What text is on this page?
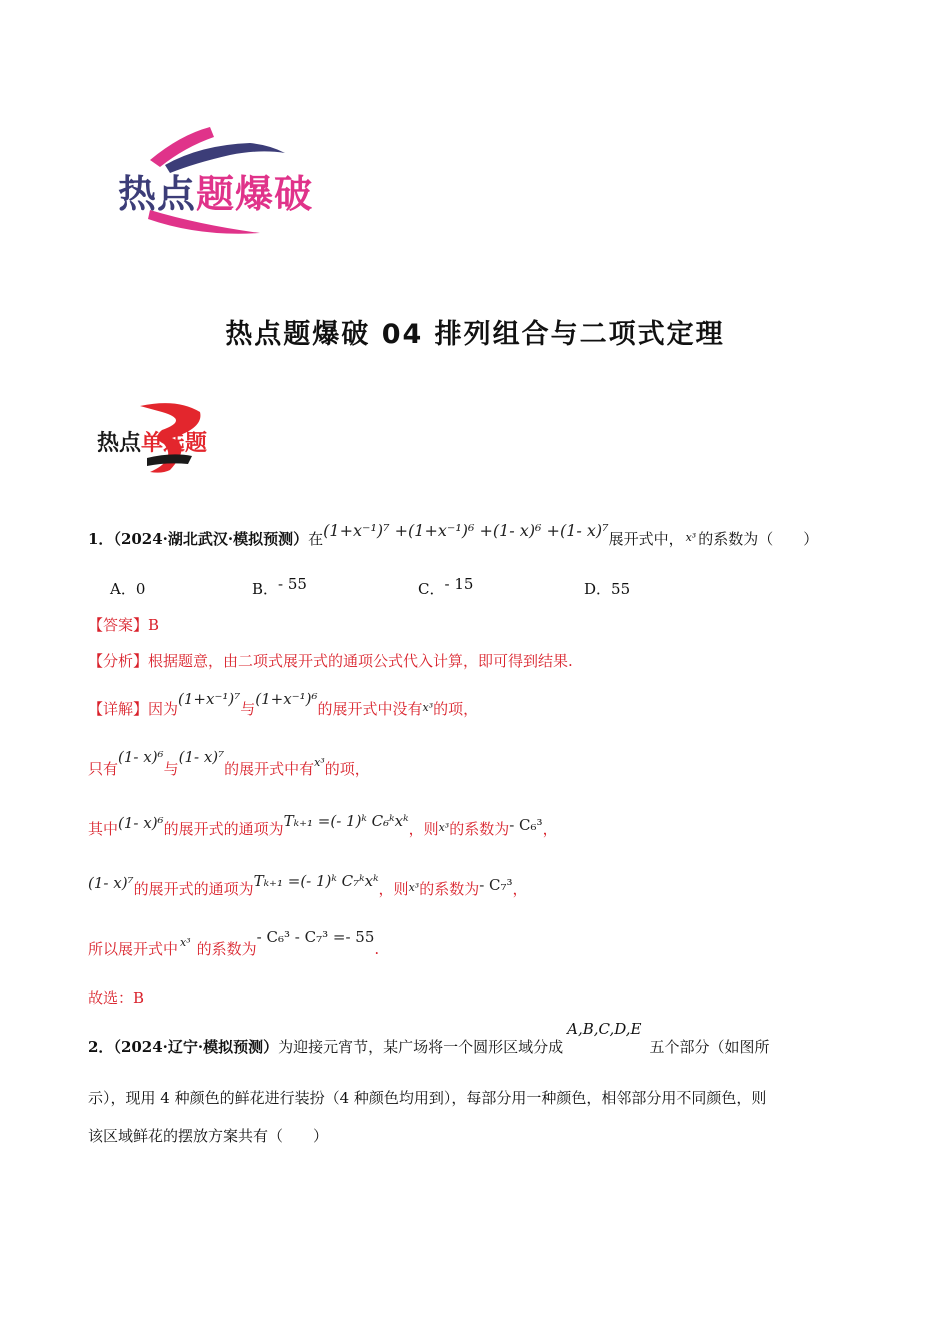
热点题爆破
热点题爆破 04 排列组合与二项式定理
热点单选题
1．（2024·湖北武汉·模拟预测）在(1+x⁻¹)⁷ +(1+x⁻¹)⁶ +(1- x)⁶ +(1- x)⁷展开式中， $^{x^3}$ 的系数为（　　）
A．0	B．- 55	C．- 15	D．55
【答案】B
【分析】根据题意，由二项式展开式的通项公式代入计算，即可得到结果.
【详解】因为(1+x⁻¹)⁷与(1+x⁻¹)⁶的展开式中没有$^{x^3}$的项，
只有(1- x)⁶与(1- x)⁷的展开式中有$^{x^3}$的项，
其中(1- x)⁶的展开式的通项为Tₖ₊₁ =(- 1)ᵏ C₆ᵏxᵏ，则$^{x^3}$的系数为- C₆³，
(1- x)⁷的展开式的通项为Tₖ₊₁ =(- 1)ᵏ C₇ᵏxᵏ，则$^{x^3}$的系数为- C₇³，
所以展开式中 $^{x^3}$ 的系数为- C₆³ - C₇³ =- 55.
故选：B
2．（2024·辽宁·模拟预测）为迎接元宵节，某广场将一个圆形区域分成A,B,C,D,E五个部分（如图所
示），现用 4 种颜色的鲜花进行装扮（4 种颜色均用到），每部分用一种颜色，相邻部分用不同颜色，则
该区域鲜花的摆放方案共有（　　）
